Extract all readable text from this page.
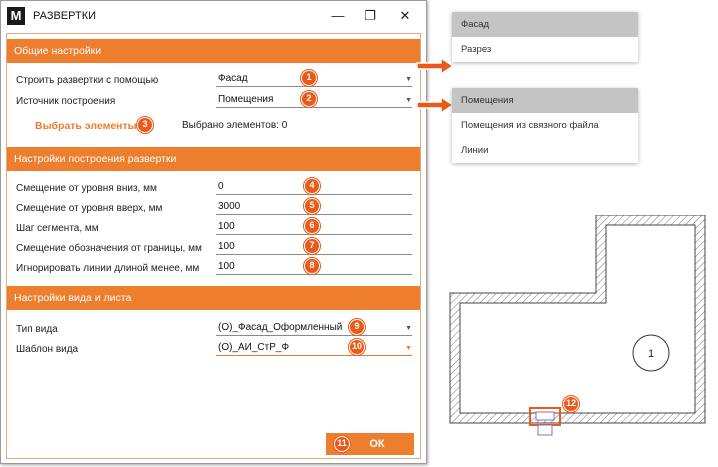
M	РАЗВЕРТКИ	—	❐	✕
Общие настройки
Строить развертки с помощью	Фасад	▼
1
Источник построения	Помещения	▼
2
Выбрать элементы 3	Выбрано элементов: 0
Настройки построения развертки
Смещение от уровня вниз, мм	0	4
Смещение от уровня вверх, мм	3000	5
Шаг сегмента, мм	100	6
Смещение обозначения от границы, мм 100	7
Игнорировать линии длиной менее, мм 100	8
Настройки вида и листа
Тип вида	(О)_Фасад_Оформленный	▼
9
Шаблон вида	(О)_АИ_СтР_Ф	▼
10
ОК
11
Фасад
Разрез
Помещения
Помещения из связного файла
Линии
1
12
